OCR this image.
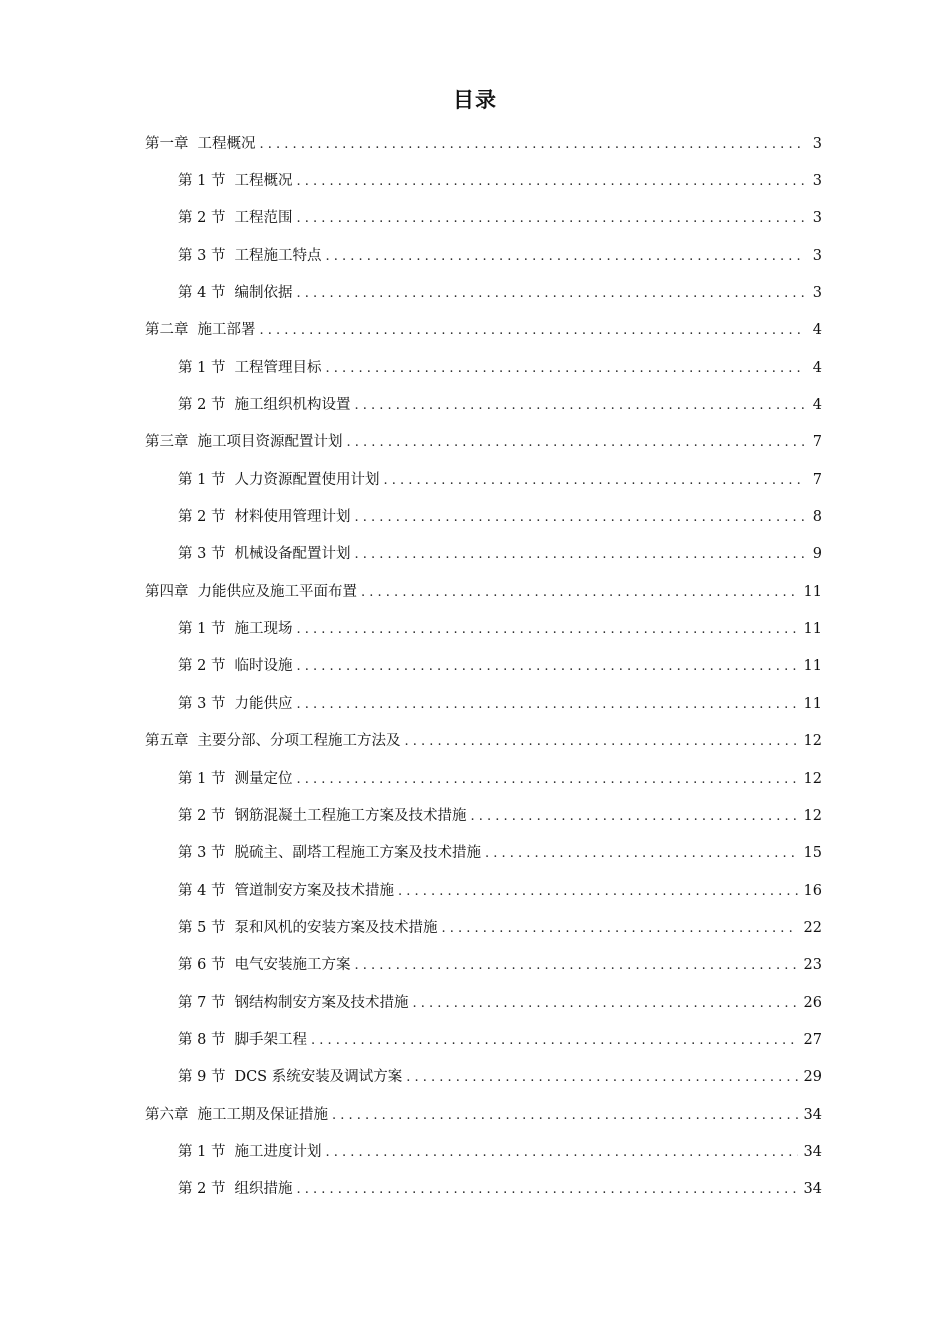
目录
第一章 工程概况 . . .	3
第 1 节 工程概况 . . .	3
第 2 节 工程范围 . . .	3
第 3 节 工程施工特点 . . .	3
第 4 节 编制依据 . . .	3
第二章 施工部署 . . .	4
第 1 节 工程管理目标 . . .	4
第 2 节 施工组织机构设置 . . .	4
第三章 施工项目资源配置计划 . . .	7
第 1 节 人力资源配置使用计划 . . .	7
第 2 节 材料使用管理计划 . . .	8
第 3 节 机械设备配置计划 . . .	9
第四章 力能供应及施工平面布置 . . .	11
第 1 节 施工现场 . . .	11
第 2 节 临时设施 . . .	11
第 3 节 力能供应 . . .	11
第五章 主要分部、分项工程施工方法及 . . .	12
第 1 节 测量定位 . . .	12
第 2 节 钢筋混凝土工程施工方案及技术措施 . . .	12
第 3 节 脱硫主、副塔工程施工方案及技术措施 . . .	15
第 4 节 管道制安方案及技术措施 . . .	16
第 5 节 泵和风机的安装方案及技术措施 . . .	22
第 6 节 电气安装施工方案 . . .	23
第 7 节 钢结构制安方案及技术措施 . . .	26
第 8 节 脚手架工程 . . .	27
第 9 节 DCS 系统安装及调试方案 . . .	29
第六章 施工工期及保证措施 . . .	34
第 1 节 施工进度计划 . . .	34
第 2 节 组织措施 . . .	34
